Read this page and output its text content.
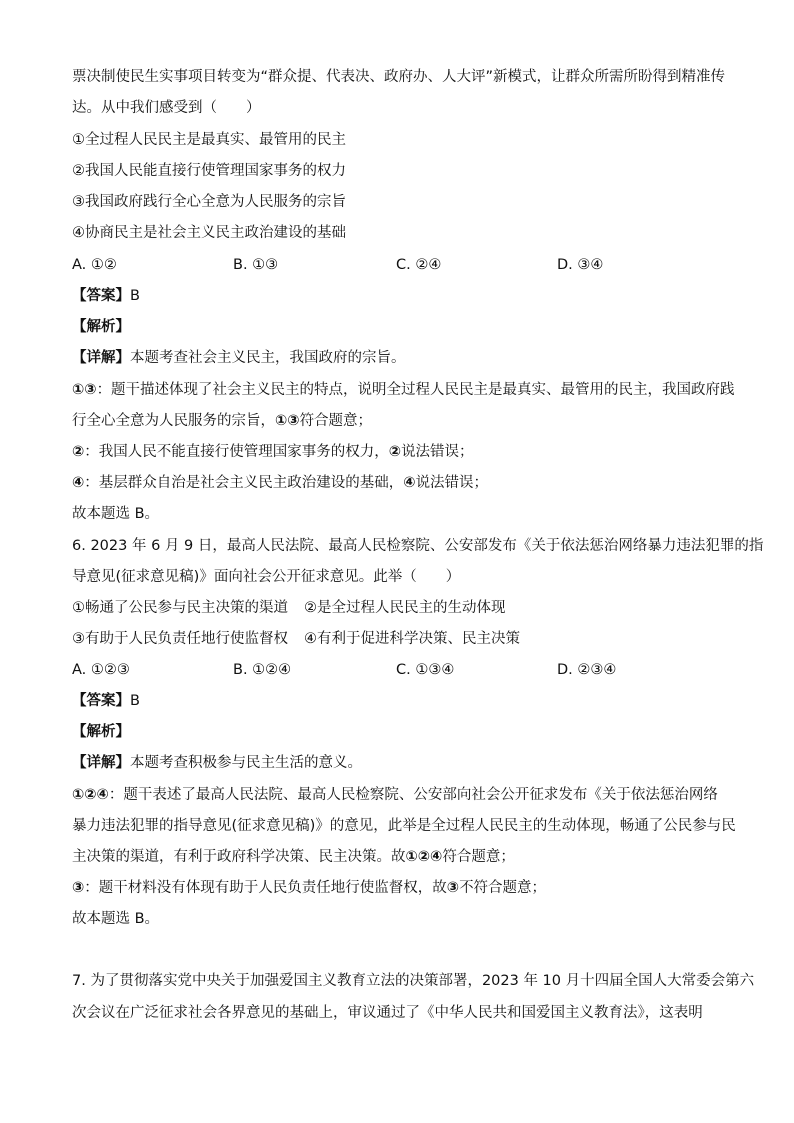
票决制使民生实事项目转变为“群众提、代表决、政府办、人大评”新模式，让群众所需所盼得到精准传
达。从中我们感受到（　　）
①全过程人民民主是最真实、最管用的民主
②我国人民能直接行使管理国家事务的权力
③我国政府践行全心全意为人民服务的宗旨
④协商民主是社会主义民主政治建设的基础
A. ①②	B. ①③	C. ②④	D. ③④
【答案】B
【解析】
【详解】本题考查社会主义民主，我国政府的宗旨。
①③：题干描述体现了社会主义民主的特点，说明全过程人民民主是最真实、最管用的民主，我国政府践
行全心全意为人民服务的宗旨，①③符合题意；
②：我国人民不能直接行使管理国家事务的权力，②说法错误；
④：基层群众自治是社会主义民主政治建设的基础，④说法错误；
故本题选 B。
6. 2023 年 6 月 9 日，最高人民法院、最高人民检察院、公安部发布《关于依法惩治网络暴力违法犯罪的指
导意见(征求意见稿)》面向社会公开征求意见。此举（　　）
①畅通了公民参与民主决策的渠道 ②是全过程人民民主的生动体现
③有助于人民负责任地行使监督权 ④有利于促进科学决策、民主决策
A. ①②③	B. ①②④	C. ①③④	D. ②③④
【答案】B
【解析】
【详解】本题考查积极参与民主生活的意义。
①②④：题干表述了最高人民法院、最高人民检察院、公安部向社会公开征求发布《关于依法惩治网络
暴力违法犯罪的指导意见(征求意见稿)》的意见，此举是全过程人民民主的生动体现，畅通了公民参与民
主决策的渠道，有利于政府科学决策、民主决策。故①②④符合题意；
③：题干材料没有体现有助于人民负责任地行使监督权，故③不符合题意；
故本题选 B。
7. 为了贯彻落实党中央关于加强爱国主义教育立法的决策部署，2023 年 10 月十四届全国人大常委会第六
次会议在广泛征求社会各界意见的基础上，审议通过了《中华人民共和国爱国主义教育法》，这表明
